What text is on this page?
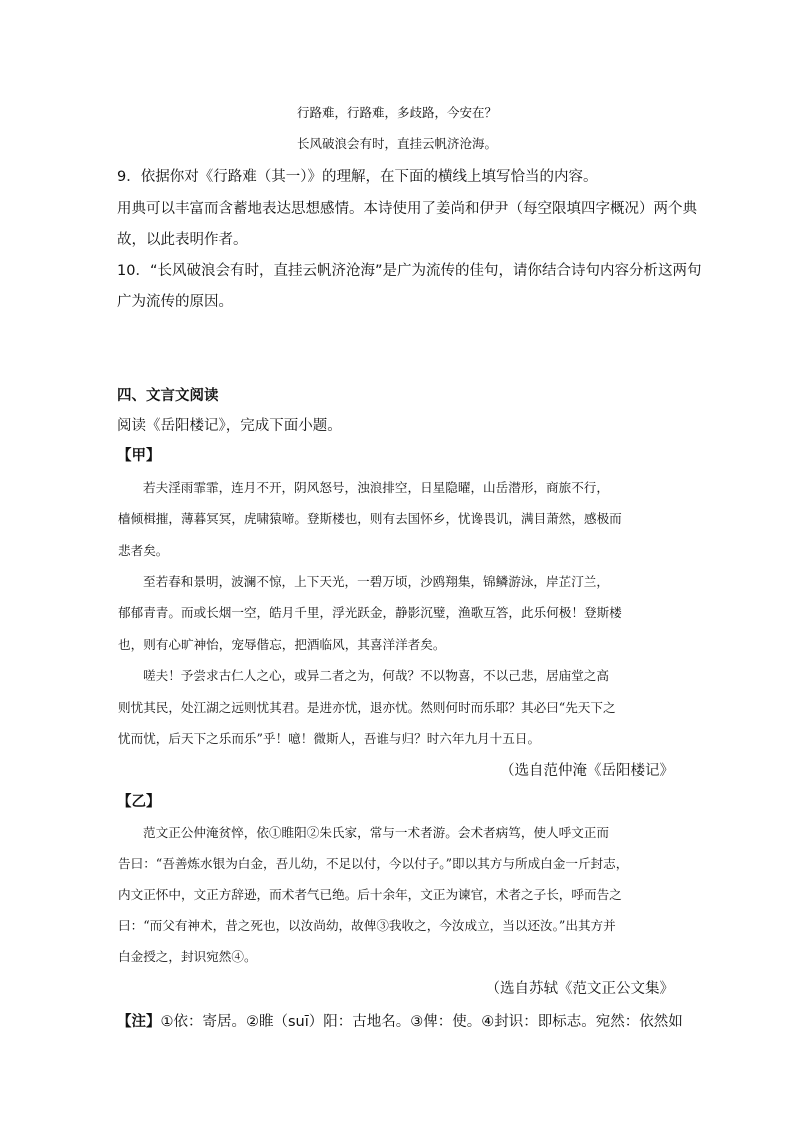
行路难，行路难，多歧路，今安在？
长风破浪会有时，直挂云帆济沧海。
9．依据你对《行路难（其一）》的理解，在下面的横线上填写恰当的内容。
用典可以丰富而含蓄地表达思想感情。本诗使用了姜尚和伊尹（每空限填四字概况）两个典
故，以此表明作者。
10．“长风破浪会有时，直挂云帆济沧海”是广为流传的佳句，请你结合诗句内容分析这两句
广为流传的原因。
四、文言文阅读
阅读《岳阳楼记》，完成下面小题。
【甲】
若夫淫雨霏霏，连月不开，阴风怒号，浊浪排空，日星隐曜，山岳潜形，商旅不行，
樯倾楫摧，薄暮冥冥，虎啸猿啼。登斯楼也，则有去国怀乡，忧谗畏讥，满目萧然，感极而
悲者矣。
至若春和景明，波澜不惊，上下天光，一碧万顷，沙鸥翔集，锦鳞游泳，岸芷汀兰，
郁郁青青。而或长烟一空，皓月千里，浮光跃金，静影沉璧，渔歌互答，此乐何极！登斯楼
也，则有心旷神怡，宠辱偕忘，把酒临风，其喜洋洋者矣。
嗟夫！予尝求古仁人之心，或异二者之为，何哉？不以物喜，不以己悲，居庙堂之高
则忧其民，处江湖之远则忧其君。是进亦忧，退亦忧。然则何时而乐耶？其必曰“先天下之
忧而忧，后天下之乐而乐”乎！噫！微斯人，吾谁与归？时六年九月十五日。
（选自范仲淹《岳阳楼记》
【乙】
范文正公仲淹贫悴，依①睢阳②朱氏家，常与一术者游。会术者病笃，使人呼文正而
告曰：“吾善炼水银为白金，吾儿幼，不足以付，今以付子。”即以其方与所成白金一斤封志，
内文正怀中，文正方辞逊，而术者气已绝。后十余年，文正为谏官，术者之子长，呼而告之
曰：“而父有神术，昔之死也，以汝尚幼，故俾③我收之，今汝成立，当以还汝。”出其方并
白金授之，封识宛然④。
（选自苏轼《范文正公文集》
【注】①依：寄居。②睢（suī）阳：古地名。③俾：使。④封识：即标志。宛然：依然如
